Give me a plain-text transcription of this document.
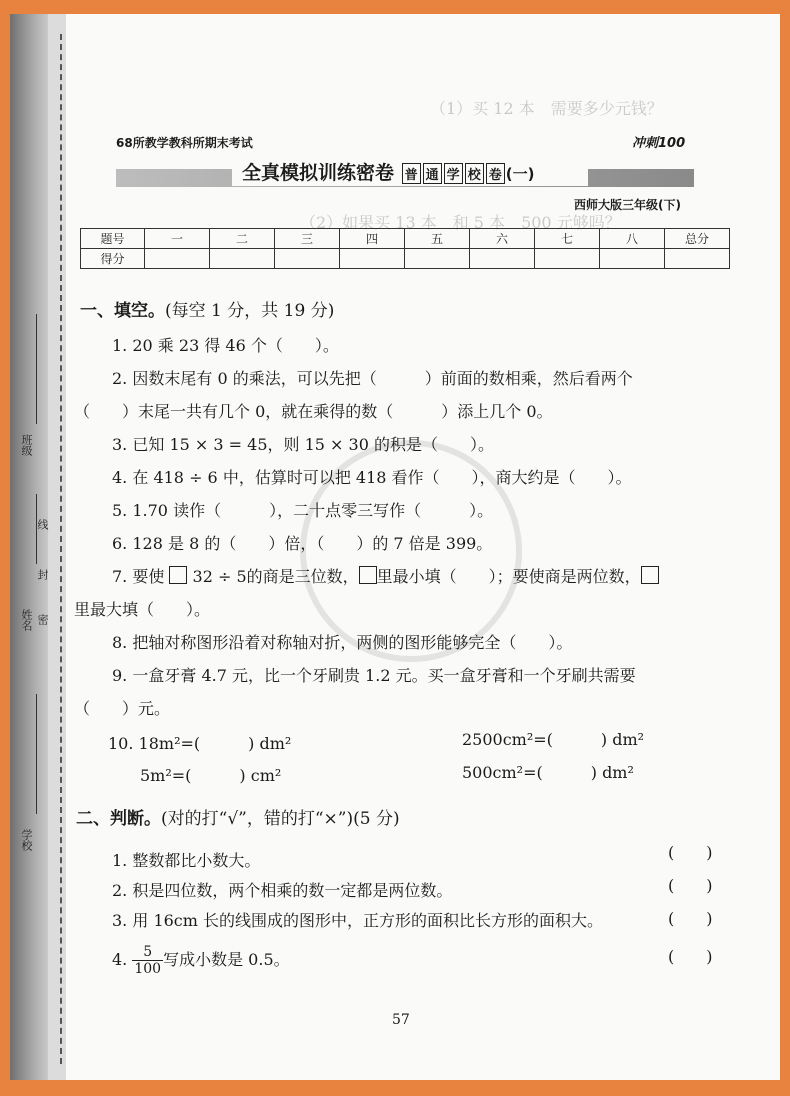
班级
线
封
密
姓名
学校
（1）买 12 本　需要多少元钱？
（2）如果买 13 本　和 5 本　500 元够吗？
68所教学教科所期末考试	冲刺100
全真模拟训练密卷 普 通 学 校 卷 (一)
西师大版三年级(下)
题号	一	二	三	四	五	六	七	八	总分
得分									
一、填空。(每空 1 分，共 19 分)
1. 20 乘 23 得 46 个（　　）。
2. 因数末尾有 0 的乘法，可以先把（　　　）前面的数相乘，然后看两个
（　　）末尾一共有几个 0，就在乘得的数（　　　）添上几个 0。
3. 已知 15 × 3 = 45，则 15 × 30 的积是（　　）。
4. 在 418 ÷ 6 中，估算时可以把 418 看作（　　），商大约是（　　）。
5. 1.70 读作（　　　），二十点零三写作（　　　）。
6. 128 是 8 的（　　）倍，（　　）的 7 倍是 399。
7. 要使 32 ÷ 5的商是三位数， 里最小填（　　）；要使商是两位数，
里最大填（　　）。
8. 把轴对称图形沿着对称轴对折，两侧的图形能够完全（　　）。
9. 一盒牙膏 4.7 元，比一个牙刷贵 1.2 元。买一盒牙膏和一个牙刷共需要
（　　）元。
10. 18m²=(　　　) dm²	2500cm²=(　　　) dm²
5m²=(　　　) cm²	500cm²=(　　　) dm²
二、判断。(对的打“√”，错的打“×”)(5 分)
1. 整数都比小数大。	(　　)
2. 积是四位数，两个相乘的数一定都是两位数。	(　　)
3. 用 16cm 长的线围成的图形中，正方形的面积比长方形的面积大。	(　　)
4. $\frac{5}{100}$ 写成小数是 0.5。	(　　)
57
